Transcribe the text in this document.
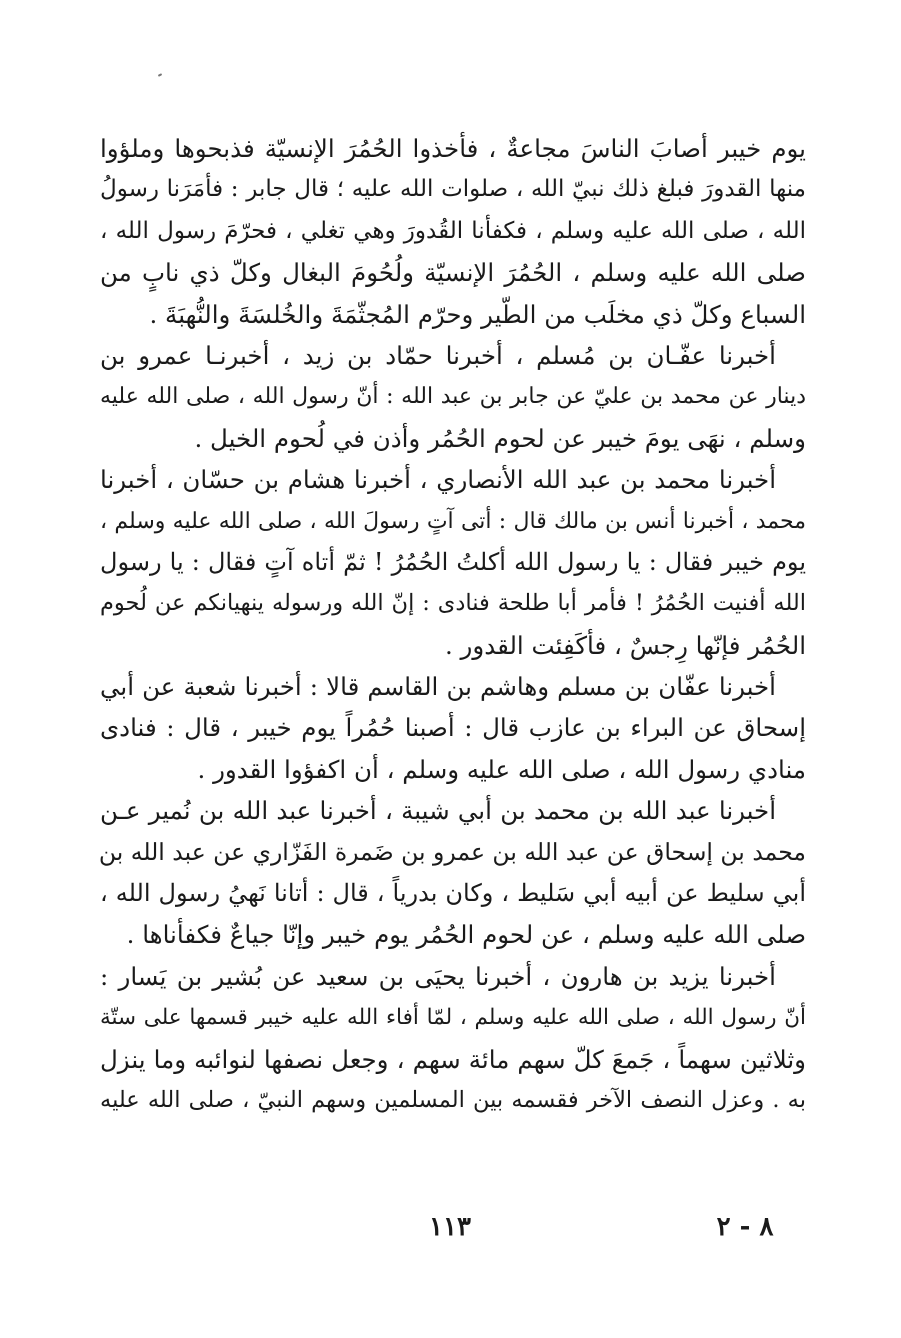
يوم خيبر أصابَ الناسَ مجاعةٌ ، فأخذوا الحُمُرَ الإنسيّة فذبحوها وملؤوا
منها القدورَ فبلغ ذلك نبيّ الله ، صلوات الله عليه ؛ قال جابر : فأمَرَنا رسولُ
الله ، صلى الله عليه وسلم ، فكفأنا القُدورَ وهي تغلي ، فحرّمَ رسول الله ،
صلى الله عليه وسلم ، الحُمُرَ الإنسيّة ولُحُومَ البغال وكلّ ذي نابٍ من
السباع وكلّ ذي مخلَب من الطّير وحرّم المُجثّمَةَ والخُلسَةَ والنُّهبَةَ .
أخبرنا عفّـان بن مُسلم ، أخبرنا حمّاد بن زيد ، أخبرنـا عمرو بن
دينار عن محمد بن عليّ عن جابر بن عبد الله : أنّ رسول الله ، صلى الله عليه
وسلم ، نهَى يومَ خيبر عن لحوم الحُمُر وأذن في لُحوم الخيل .
أخبرنا محمد بن عبد الله الأنصاري ، أخبرنا هشام بن حسّان ، أخبرنا
محمد ، أخبرنا أنس بن مالك قال : أتى آتٍ رسولَ الله ، صلى الله عليه وسلم ،
يوم خيبر فقال : يا رسول الله أكلتُ الحُمُرُ ! ثمّ أتاه آتٍ فقال : يا رسول
الله أفنيت الحُمُرُ ! فأمر أبا طلحة فنادى : إنّ الله ورسوله ينهيانكم عن لُحوم
الحُمُر فإنّها رِجسٌ ، فأكَفِئت القدور .
أخبرنا عفّان بن مسلم وهاشم بن القاسم قالا : أخبرنا شعبة عن أبي
إسحاق عن البراء بن عازب قال : أصبنا حُمُراً يوم خيبر ، قال : فنادى
منادي رسول الله ، صلى الله عليه وسلم ، أن اكفؤوا القدور .
أخبرنا عبد الله بن محمد بن أبي شيبة ، أخبرنا عبد الله بن نُمير عـن
محمد بن إسحاق عن عبد الله بن عمرو بن ضَمرة الفَزّاري عن عبد الله بن
أبي سليط عن أبيه أبي سَليط ، وكان بدرياً ، قال : أتانا نَهيُ رسول الله ،
صلى الله عليه وسلم ، عن لحوم الحُمُر يوم خيبر وإنّا جياعٌ فكفأناها .
أخبرنا يزيد بن هارون ، أخبرنا يحيَى بن سعيد عن بُشير بن يَسار :
أنّ رسول الله ، صلى الله عليه وسلم ، لمّا أفاء الله عليه خيبر قسمها على ستّة
وثلاثين سهماً ، جَمعَ كلّ سهم مائة سهم ، وجعل نصفها لنوائبه وما ينزل
به . وعزل النصف الآخر فقسمه بين المسلمين وسهم النبيّ ، صلى الله عليه
١١٣	٨ - ٢
